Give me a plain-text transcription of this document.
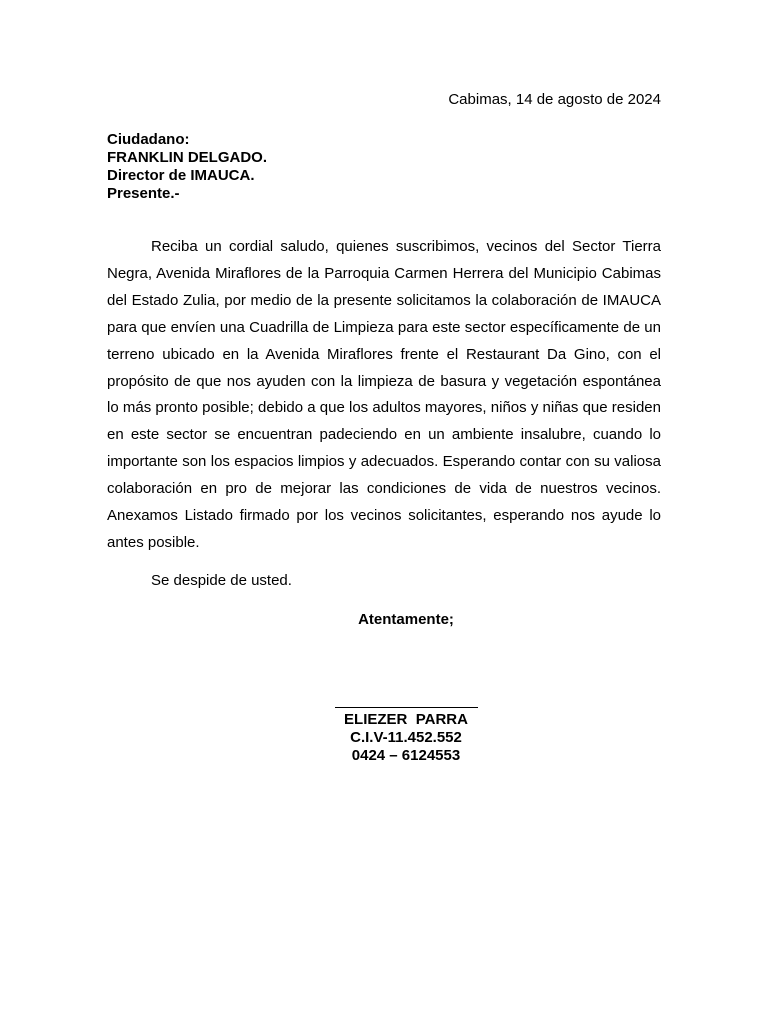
Cabimas, 14 de agosto de 2024
Ciudadano:
FRANKLIN DELGADO.
Director de IMAUCA.
Presente.-

Reciba un cordial saludo, quienes suscribimos, vecinos del Sector Tierra Negra, Avenida Miraflores de la Parroquia Carmen Herrera del Municipio Cabimas del Estado Zulia, por medio de la presente solicitamos la colaboración de IMAUCA para que envíen una Cuadrilla de Limpieza para este sector específicamente de un terreno ubicado en la Avenida Miraflores frente el Restaurant Da Gino, con el propósito de que nos ayuden con la limpieza de basura y vegetación espontánea lo más pronto posible; debido a que los adultos mayores, niños y niñas que residen en este sector se encuentran padeciendo en un ambiente insalubre, cuando lo importante son los espacios limpios y adecuados. Esperando contar con su valiosa colaboración en pro de mejorar las condiciones de vida de nuestros vecinos. Anexamos Listado firmado por los vecinos solicitantes, esperando nos ayude lo antes posible.

Se despide de usted.

Atentamente;
ELIEZER  PARRA
C.I.V-11.452.552
0424 – 6124553
